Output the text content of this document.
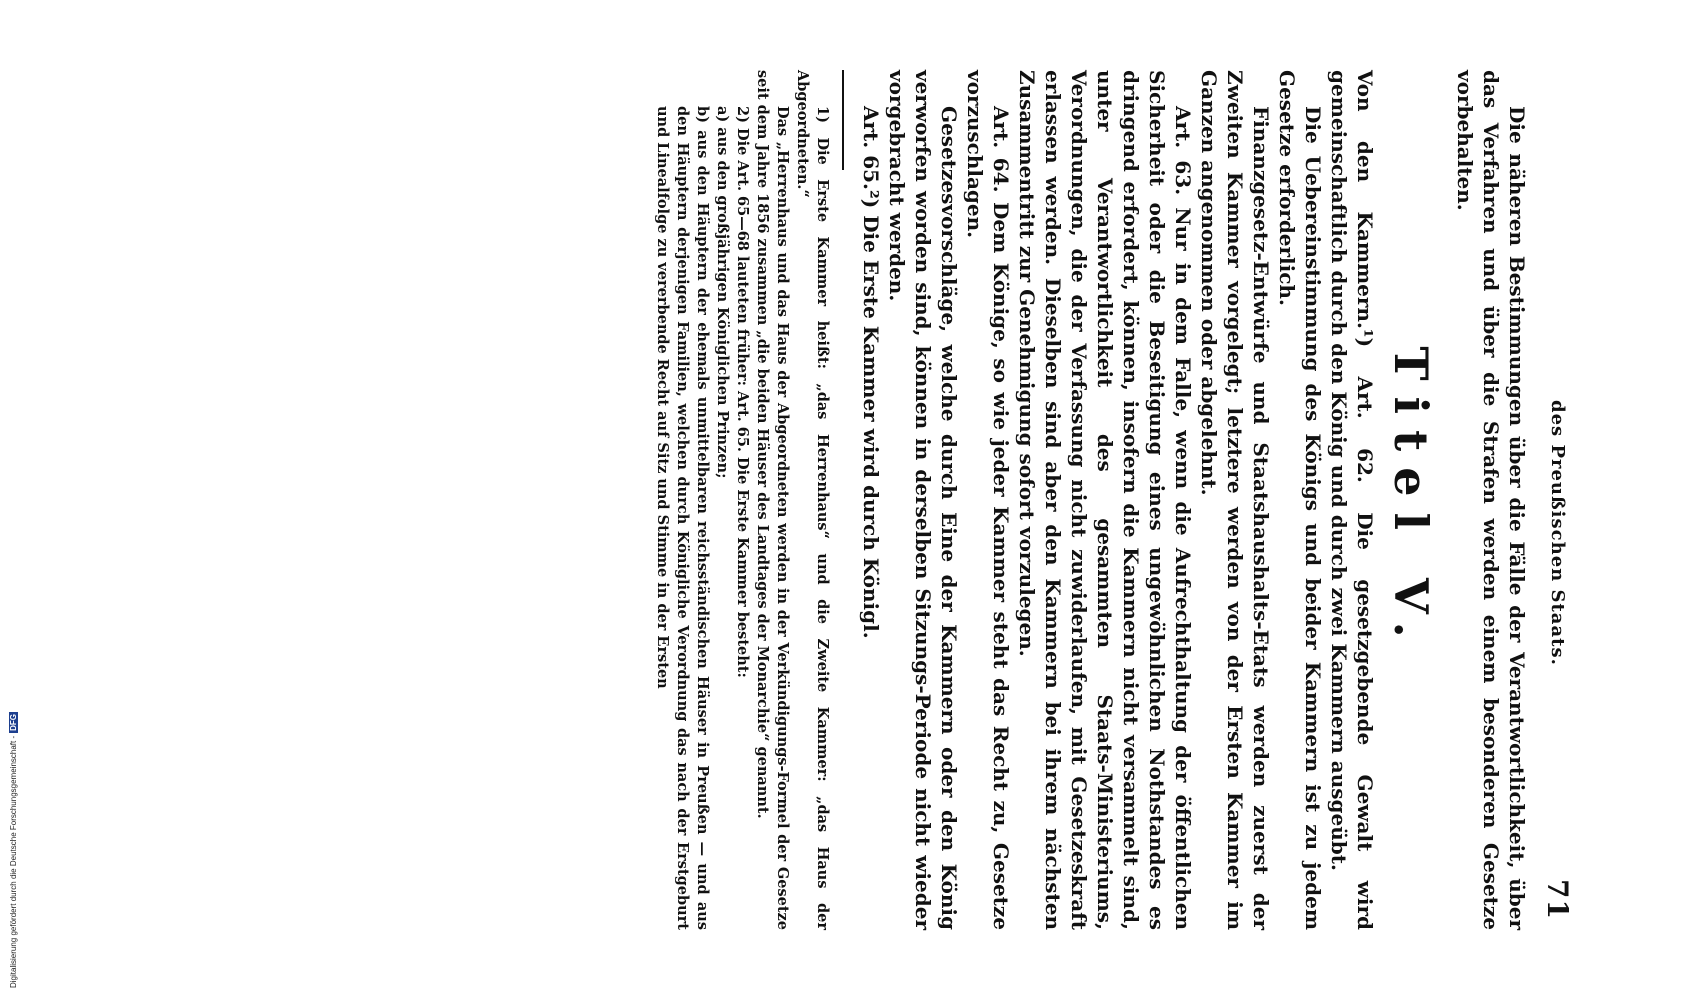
Digitalisierung gefördert durch die Deutsche Forschungsgemeinschaft -DFG
des Preußischen Staats.
71

Die näheren Bestimmungen über die Fälle der Verantwortlichkeit, über das Verfahren und über die Strafen werden einem besonderen Gesetze vorbehalten.

Titel V.

Von den Kammern.¹) Art. 62. Die gesetzgebende Gewalt wird gemeinschaftlich durch den König und durch zwei Kammern ausgeübt.

Die Uebereinstimmung des Königs und beider Kammern ist zu jedem Gesetze erforderlich.

Finanzgesetz-Entwürfe und Staatshaushalts-Etats werden zuerst der Zweiten Kammer vorgelegt; letztere werden von der Ersten Kammer im Ganzen angenommen oder abgelehnt.

Art. 63. Nur in dem Falle, wenn die Aufrechthaltung der öffentlichen Sicherheit oder die Beseitigung eines ungewöhnlichen Nothstandes es dringend erfordert, können, insofern die Kammern nicht versammelt sind, unter Verantwortlichkeit des gesammten Staats-Ministeriums, Verordnungen, die der Verfassung nicht zuwiderlaufen, mit Gesetzeskraft erlassen werden. Dieselben sind aber den Kammern bei ihrem nächsten Zusammentritt zur Genehmigung sofort vorzulegen.

Art. 64. Dem Könige, so wie jeder Kammer steht das Recht zu, Gesetze vorzuschlagen.

Gesetzesvorschläge, welche durch Eine der Kammern oder den König verworfen worden sind, können in derselben Sitzungs-Periode nicht wieder vorgebracht werden.

Art. 65.²) Die Erste Kammer wird durch Königl.

1) Die Erste Kammer heißt: „das Herrenhaus“ und die Zweite Kammer: „das Haus der Abgeordneten.“

Das „Herrenhaus und das Haus der Abgeordneten werden in der Verkündigungs-Formel der Gesetze seit dem Jahre 1856 zusammen „die beiden Häuser des Landtages der Monarchie“ genannt.

2) Die Art. 65—68 lauteten früher: Art. 65. Die Erste Kammer besteht:

a) aus den großjährigen Königlichen Prinzen;

b) aus den Häuptern der ehemals unmittelbaren reichsständischen Häuser in Preußen — und aus den Häuptern derjenigen Familien, welchen durch Königliche Verordnung das nach der Erstgeburt und Linealfolge zu vererbende Recht auf Sitz und Stimme in der Ersten
